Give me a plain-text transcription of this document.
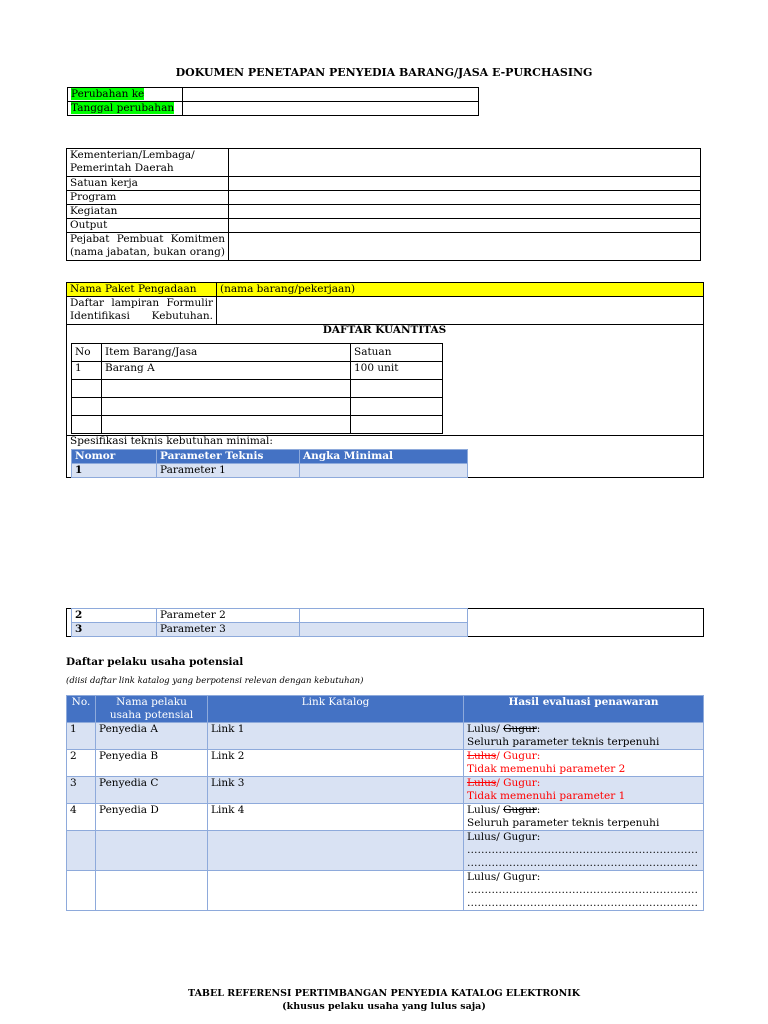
DOKUMEN PENETAPAN PENYEDIA BARANG/JASA E-PURCHASING
Perubahan ke	
Tanggal perubahan	
Kementerian/Lembaga/ Pemerintah Daerah	
Satuan kerja	
Program	
Kegiatan	
Output	
Pejabat Pembuat Komitmen (nama jabatan, bukan orang)	
Nama Paket Pengadaan	(nama barang/pekerjaan)
Daftar lampiran Formulir Identifikasi Kebutuhan.	

DAFTAR KUANTITAS
No	Item Barang/Jasa	Satuan
1	Barang A	100 unit

Spesifikasi teknis kebutuhan minimal:
Nomor	Parameter Teknis	Angka Minimal
1	Parameter 1	
2	Parameter 2	
3	Parameter 3	
Daftar pelaku usaha potensial
(diisi daftar link katalog yang berpotensi relevan dengan kebutuhan)
No.	Nama pelaku usaha potensial	Link Katalog	Hasil evaluasi penawaran
1	Penyedia A	Link 1	Lulus/ Gugur:
Seluruh parameter teknis terpenuhi
2	Penyedia B	Link 2	Lulus/ Gugur:
Tidak memenuhi parameter 2
3	Penyedia C	Link 3	Lulus/ Gugur:
Tidak memenuhi parameter 1
4	Penyedia D	Link 4	Lulus/ Gugur:
Seluruh parameter teknis terpenuhi
			Lulus/ Gugur:
…………………………………………………………
…………………………………………………………
			Lulus/ Gugur:
…………………………………………………………
…………………………………………………………
TABEL REFERENSI PERTIMBANGAN PENYEDIA KATALOG ELEKTRONIK
(khusus pelaku usaha yang lulus saja)
